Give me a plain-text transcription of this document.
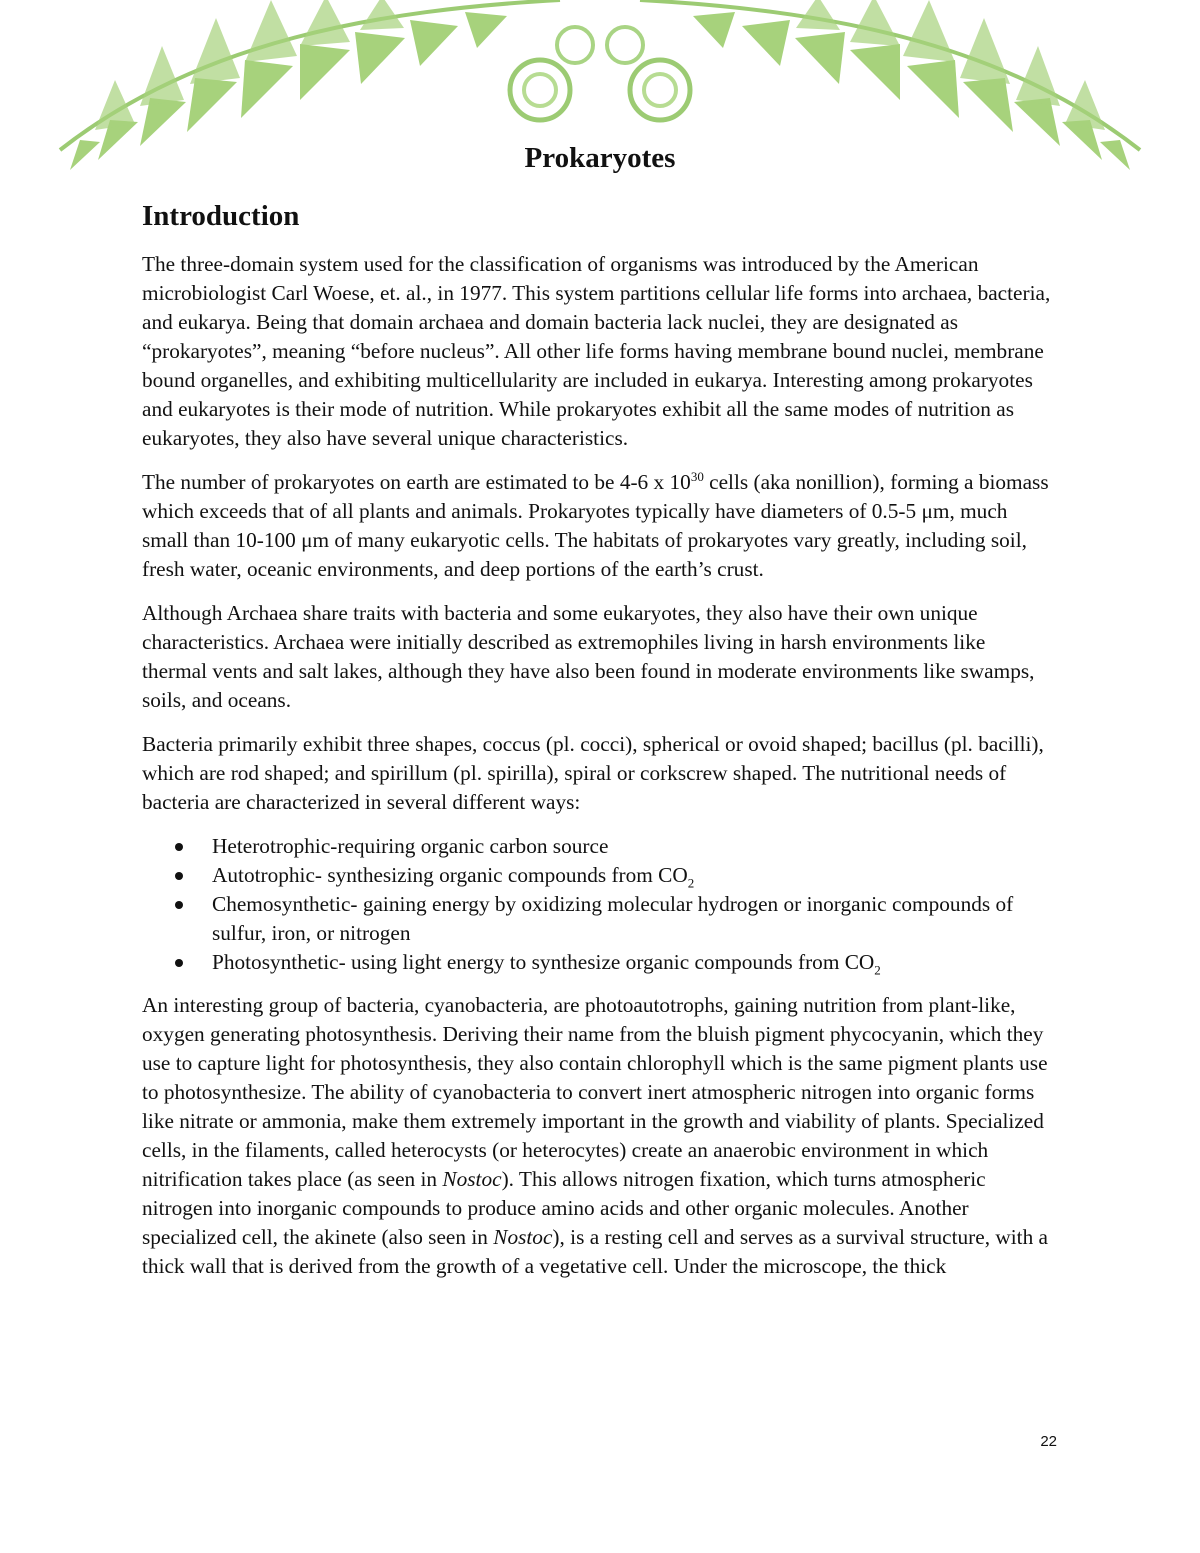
Prokaryotes
Introduction

The three-domain system used for the classification of organisms was introduced by the American microbiologist Carl Woese, et. al., in 1977. This system partitions cellular life forms into archaea, bacteria, and eukarya. Being that domain archaea and domain bacteria lack nuclei, they are designated as “prokaryotes”, meaning “before nucleus”. All other life forms having membrane bound nuclei, membrane bound organelles, and exhibiting multicellularity are included in eukarya. Interesting among prokaryotes and eukaryotes is their mode of nutrition. While prokaryotes exhibit all the same modes of nutrition as eukaryotes, they also have several unique characteristics.

The number of prokaryotes on earth are estimated to be 4-6 x $10^{30}$ cells (aka nonillion), forming a biomass which exceeds that of all plants and animals. Prokaryotes typically have diameters of 0.5-5 μm, much small than 10-100 μm of many eukaryotic cells. The habitats of prokaryotes vary greatly, including soil, fresh water, oceanic environments, and deep portions of the earth’s crust.

Although Archaea share traits with bacteria and some eukaryotes, they also have their own unique characteristics. Archaea were initially described as extremophiles living in harsh environments like thermal vents and salt lakes, although they have also been found in moderate environments like swamps, soils, and oceans.

Bacteria primarily exhibit three shapes, coccus (pl. cocci), spherical or ovoid shaped; bacillus (pl. bacilli), which are rod shaped; and spirillum (pl. spirilla), spiral or corkscrew shaped. The nutritional needs of bacteria are characterized in several different ways:

Heterotrophic-requiring organic carbon source
Autotrophic- synthesizing organic compounds from $CO_2$
Chemosynthetic- gaining energy by oxidizing molecular hydrogen or inorganic compounds of sulfur, iron, or nitrogen
Photosynthetic- using light energy to synthesize organic compounds from $CO_2$

An interesting group of bacteria, cyanobacteria, are photoautotrophs, gaining nutrition from plant-like, oxygen generating photosynthesis. Deriving their name from the bluish pigment phycocyanin, which they use to capture light for photosynthesis, they also contain chlorophyll which is the same pigment plants use to photosynthesize. The ability of cyanobacteria to convert inert atmospheric nitrogen into organic forms like nitrate or ammonia, make them extremely important in the growth and viability of plants. Specialized cells, in the filaments, called heterocysts (or heterocytes) create an anaerobic environment in which nitrification takes place (as seen in Nostoc). This allows nitrogen fixation, which turns atmospheric nitrogen into inorganic compounds to produce amino acids and other organic molecules. Another specialized cell, the akinete (also seen in Nostoc), is a resting cell and serves as a survival structure, with a thick wall that is derived from the growth of a vegetative cell. Under the microscope, the thick

22
